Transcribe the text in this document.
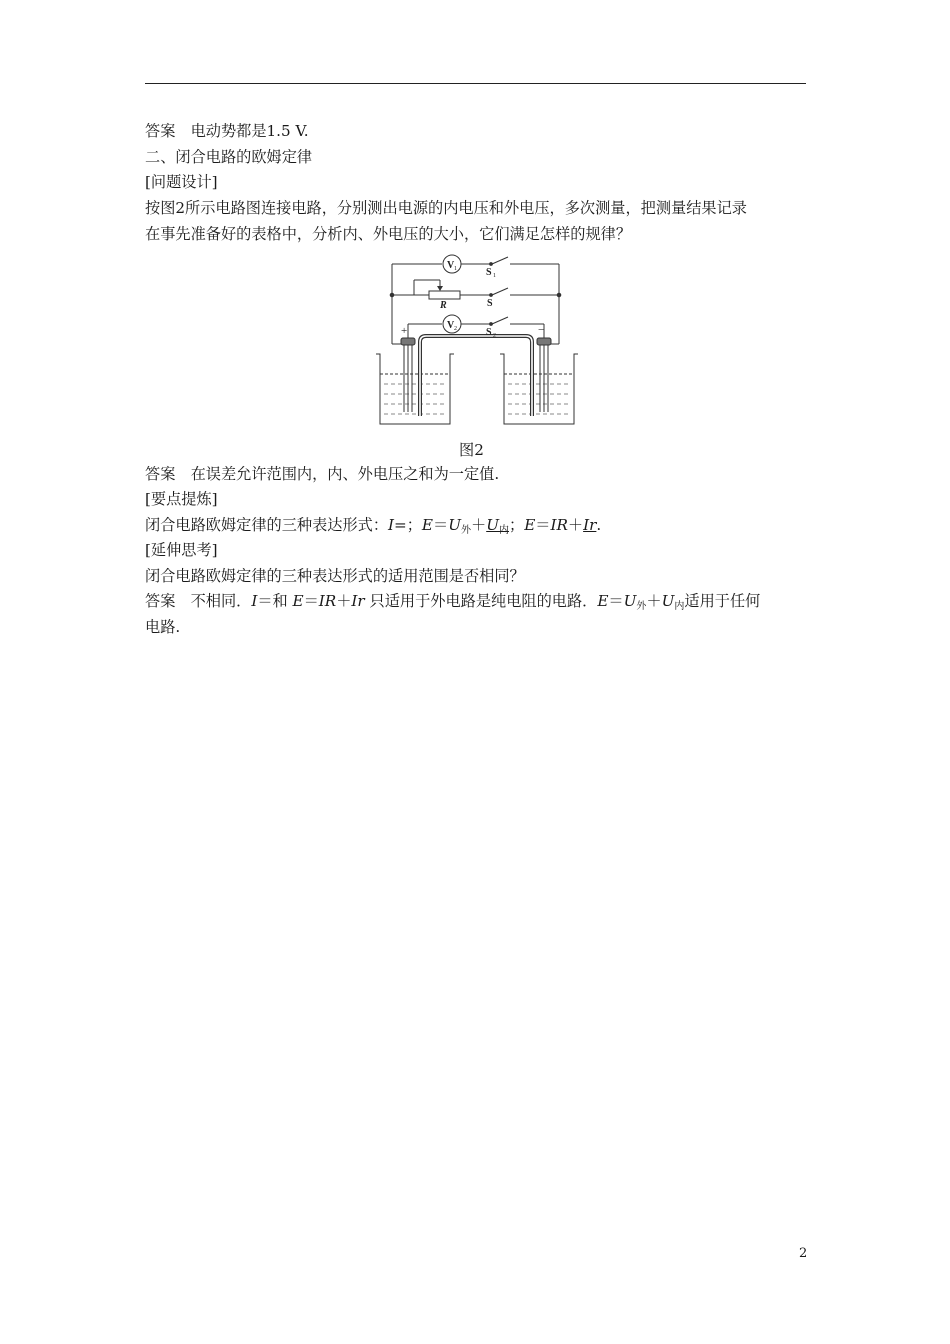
答案　电动势都是1.5 V.
二、闭合电路的欧姆定律
[问题设计]
按图2所示电路图连接电路，分别测出电源的内电压和外电压，多次测量，把测量结果记录
在事先准备好的表格中，分析内、外电压的大小，它们满足怎样的规律？
V 1	S 1
R	S
V 2	S 2
+	−
图2
答案　在误差允许范围内，内、外电压之和为一定值.
[要点提炼]
闭合电路欧姆定律的三种表达形式：I=；$E=U_外+U_内$；E＝IR＋Ir.
[延伸思考]
闭合电路欧姆定律的三种表达形式的适用范围是否相同？
答案　不相同．I＝和 E＝IR＋Ir 只适用于外电路是纯电阻的电路．$E=U_外+U_内$适用于任何
电路.
2
